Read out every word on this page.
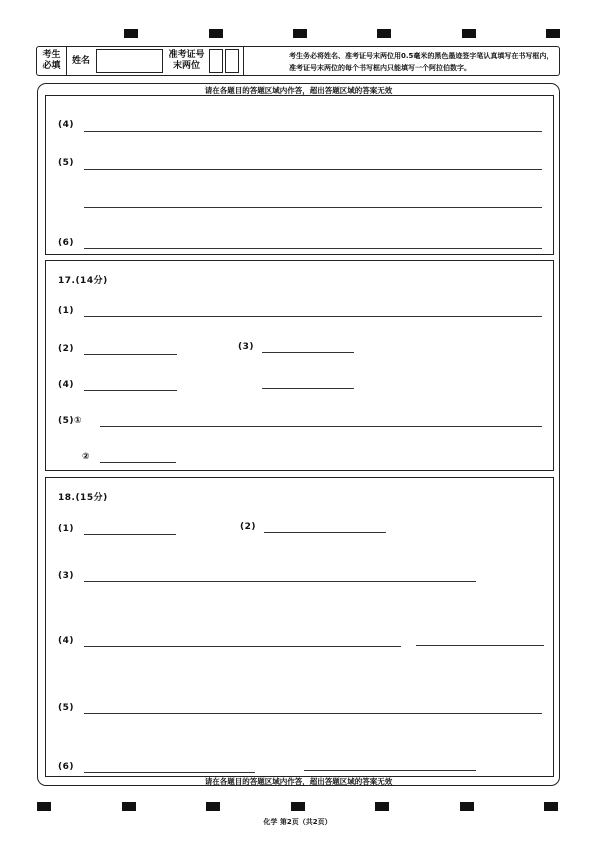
考生
必填
姓名
准考证号
末两位
考生务必将姓名、准考证号末两位用0.5毫米的黑色墨迹签字笔认真填写在书写框内，
准考证号末两位的每个书写框内只能填写一个阿拉伯数字。
请在各题目的答题区域内作答，超出答题区域的答案无效
(4)
(5)
(6)
17.(14分)
(1)
(2)	(3)
(4)
(5)①
②
18.(15分)
(1)	(2)
(3)
(4)
(5)
(6)
请在各题目的答题区域内作答，超出答题区域的答案无效
化学 第2页（共2页）
